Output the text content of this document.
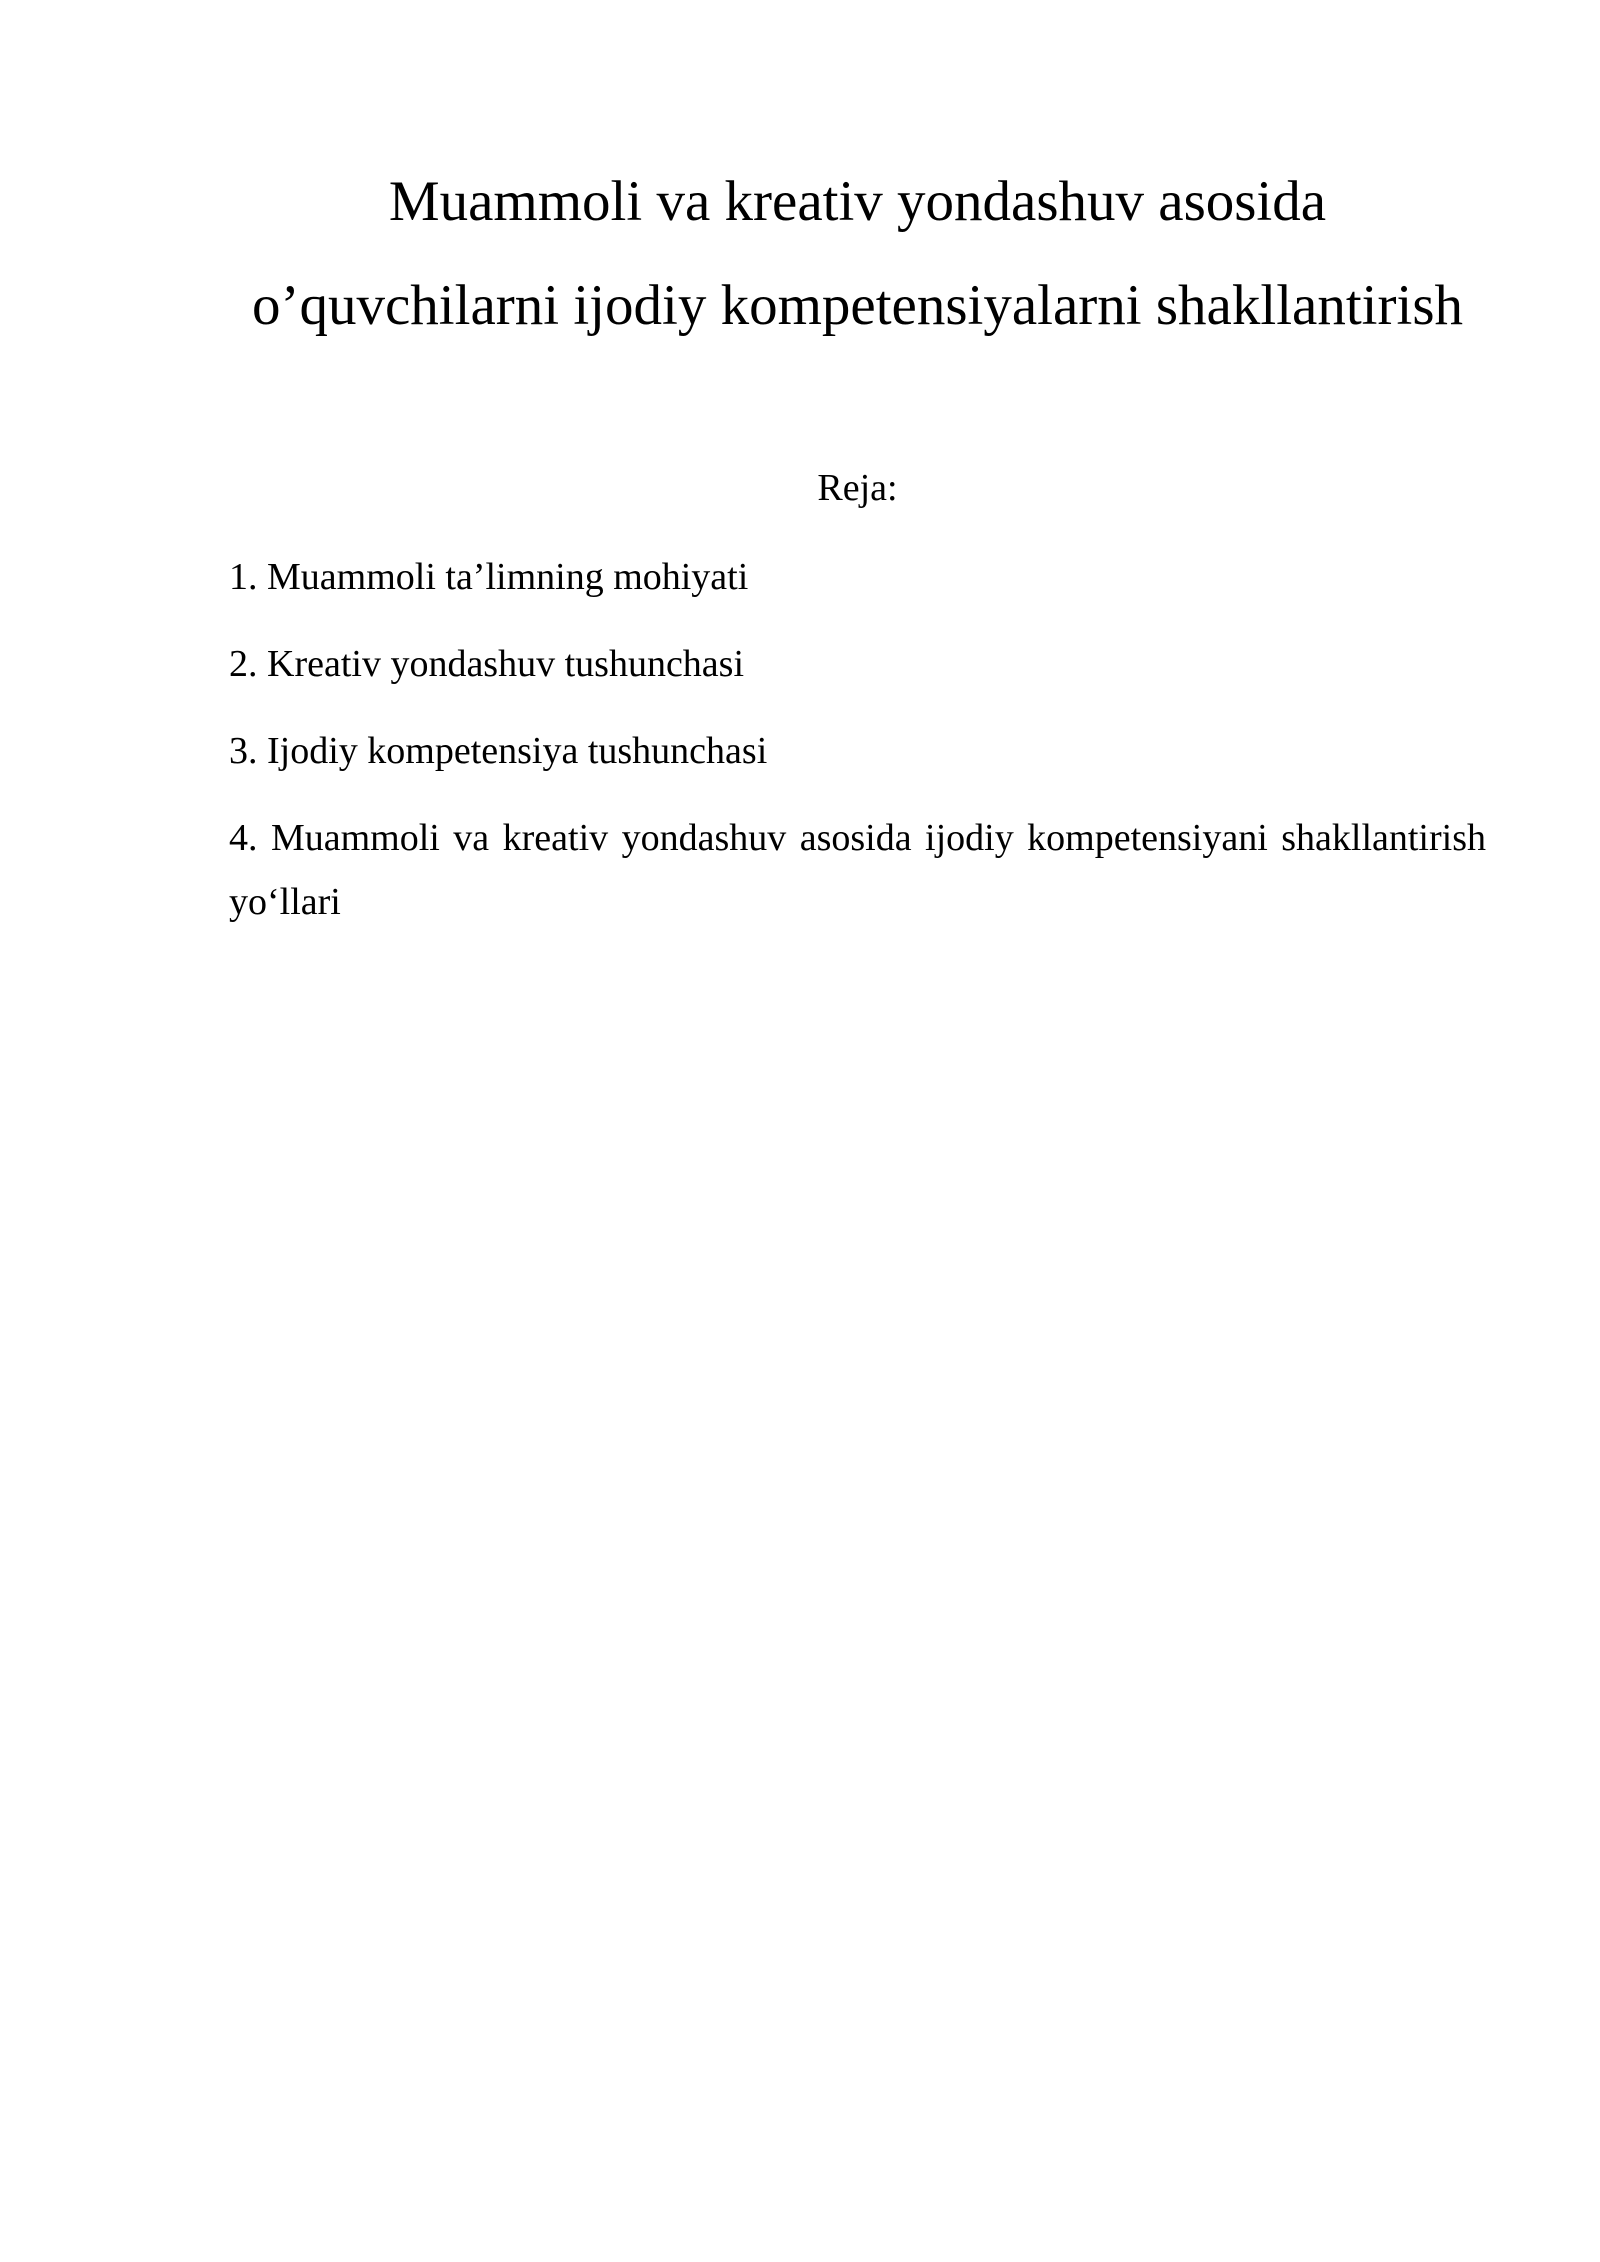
Muammoli va kreativ yondashuv asosida
o’quvchilarni ijodiy kompetensiyalarni shakllantirish

Reja:

1. Muammoli ta’limning mohiyati
2. Kreativ yondashuv tushunchasi
3. Ijodiy kompetensiya tushunchasi
4. Muammoli va kreativ yondashuv asosida ijodiy kompetensiyani shakllantirish yo‘llari
